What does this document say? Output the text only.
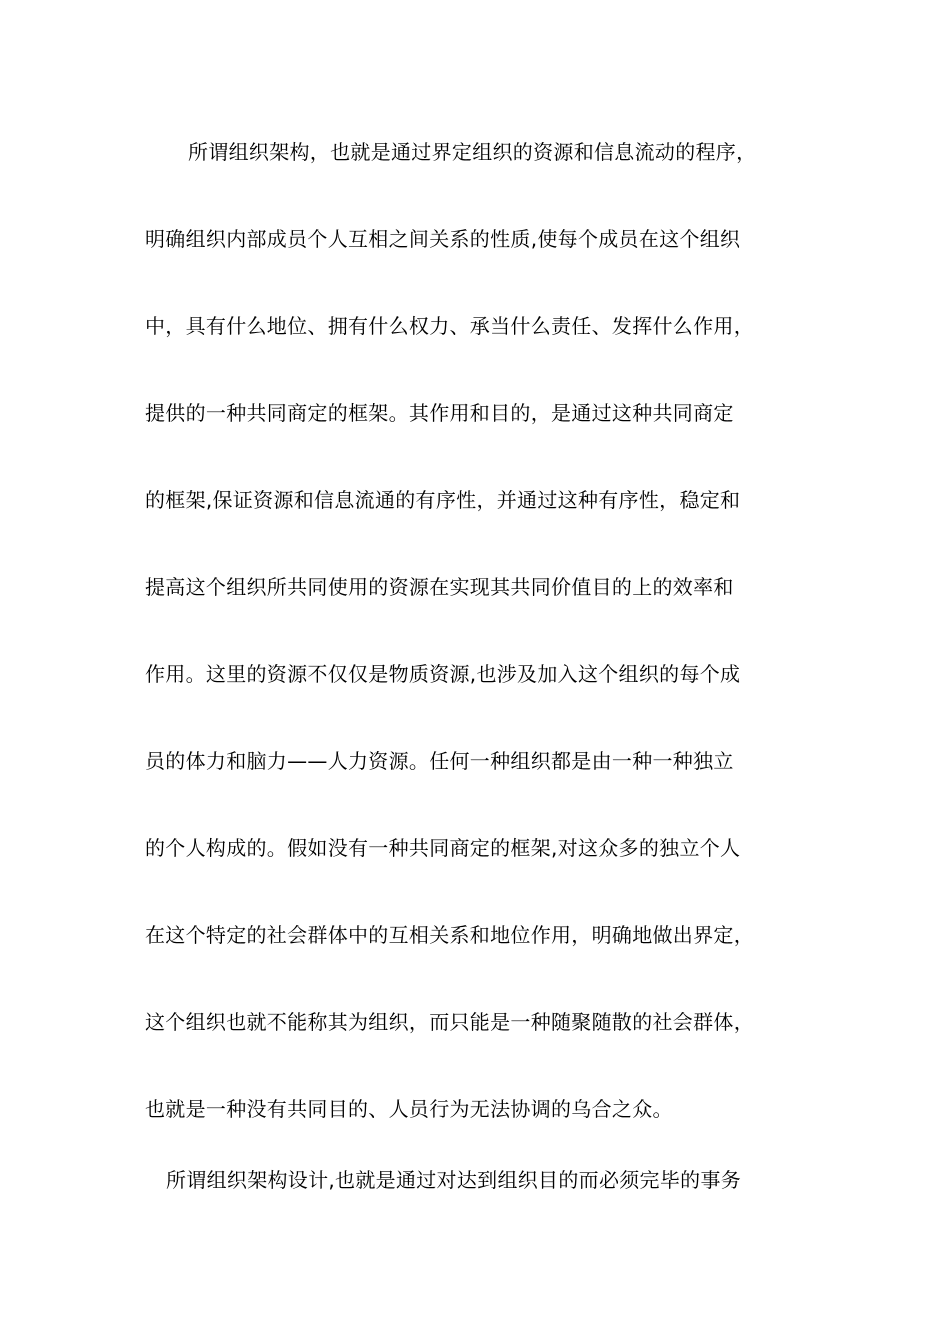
所谓组织架构，也就是通过界定组织的资源和信息流动的程序，
明确组织内部成员个人互相之间关系的性质,使每个成员在这个组织
中，具有什么地位、拥有什么权力、承当什么责任、发挥什么作用，
提供的一种共同商定的框架。其作用和目的，是通过这种共同商定
的框架,保证资源和信息流通的有序性，并通过这种有序性，稳定和
提高这个组织所共同使用的资源在实现其共同价值目的上的效率和
作用。这里的资源不仅仅是物质资源,也涉及加入这个组织的每个成
员的体力和脑力——人力资源。任何一种组织都是由一种一种独立
的个人构成的。假如没有一种共同商定的框架,对这众多的独立个人
在这个特定的社会群体中的互相关系和地位作用，明确地做出界定，
这个组织也就不能称其为组织，而只能是一种随聚随散的社会群体，
也就是一种没有共同目的、人员行为无法协调的乌合之众。
所谓组织架构设计,也就是通过对达到组织目的而必须完毕的事务
